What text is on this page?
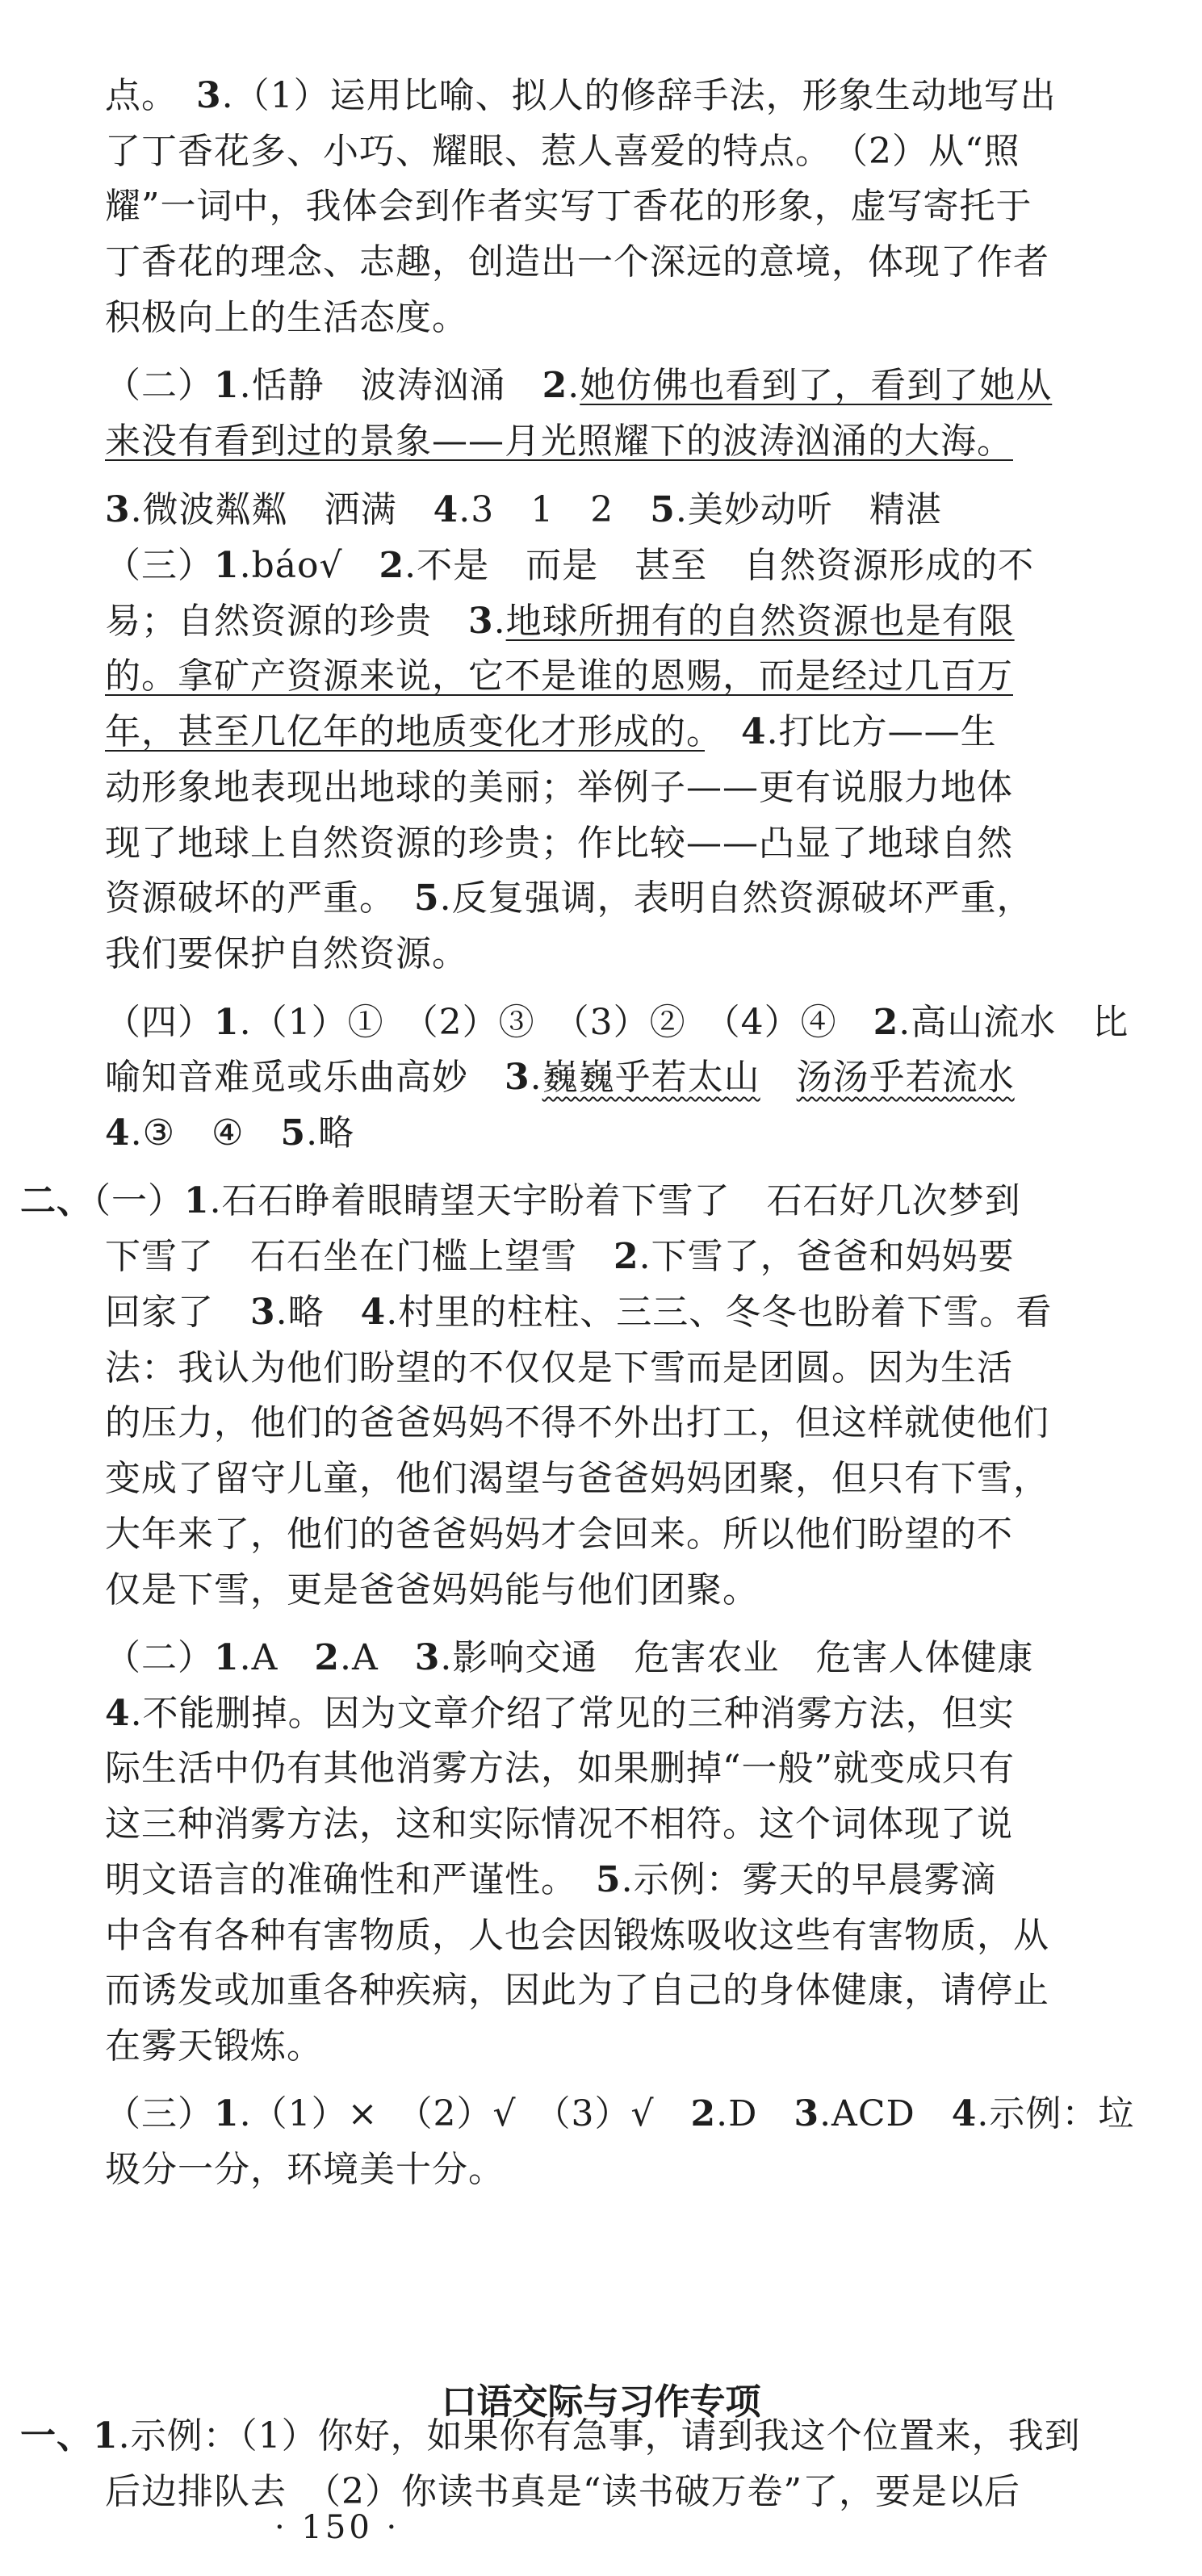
点。　3.（1）运用比喻、拟人的修辞手法，形象生动地写出
了丁香花多、小巧、耀眼、惹人喜爱的特点。　（2）从“照
耀”一词中，我体会到作者实写丁香花的形象，虚写寄托于
丁香花的理念、志趣，创造出一个深远的意境，体现了作者
积极向上的生活态度。
（二）1.恬静　波涛汹涌　2.她仿佛也看到了，看到了她从
来没有看到过的景象——月光照耀下的波涛汹涌的大海。
3.微波粼粼　洒满　4.3　1　2　5.美妙动听　精湛
（三）1.báo√　2.不是　而是　甚至　自然资源形成的不
易；自然资源的珍贵　3.地球所拥有的自然资源也是有限
的。拿矿产资源来说，它不是谁的恩赐，而是经过几百万
年，甚至几亿年的地质变化才形成的。　 4.打比方——生
动形象地表现出地球的美丽；举例子——更有说服力地体
现了地球上自然资源的珍贵；作比较——凸显了地球自然
资源破坏的严重。　5.反复强调，表明自然资源破坏严重，
我们要保护自然资源。
（四）1.（1）①　（2）③　（3）②　（4）④　2.高山流水　比
喻知音难觅或乐曲高妙　3.巍巍乎若太山　 汤汤乎若流水
4.③　④　5.略
二、（一）1.石石睁着眼睛望天宇盼着下雪了　石石好几次梦到
下雪了　石石坐在门槛上望雪　2.下雪了，爸爸和妈妈要
回家了　3.略　4.村里的柱柱、三三、冬冬也盼着下雪。看
法：我认为他们盼望的不仅仅是下雪而是团圆。因为生活
的压力，他们的爸爸妈妈不得不外出打工，但这样就使他们
变成了留守儿童，他们渴望与爸爸妈妈团聚，但只有下雪，
大年来了，他们的爸爸妈妈才会回来。所以他们盼望的不
仅是下雪，更是爸爸妈妈能与他们团聚。
（二）1.A　2.A　3.影响交通　危害农业　危害人体健康
4.不能删掉。因为文章介绍了常见的三种消雾方法，但实
际生活中仍有其他消雾方法，如果删掉“一般”就变成只有
这三种消雾方法，这和实际情况不相符。这个词体现了说
明文语言的准确性和严谨性。　5.示例：雾天的早晨雾滴
中含有各种有害物质，人也会因锻炼吸收这些有害物质，从
而诱发或加重各种疾病，因此为了自己的身体健康，请停止
在雾天锻炼。
（三）1.（1）×　（2）√　（3）√　2.D　3.ACD　4.示例：垃
圾分一分，环境美十分。
一、1.示例：（1）你好，如果你有急事，请到我这个位置来，我到
后边排队去　（2）你读书真是“读书破万卷”了，要是以后
口语交际与习作专项
· 150 ·
